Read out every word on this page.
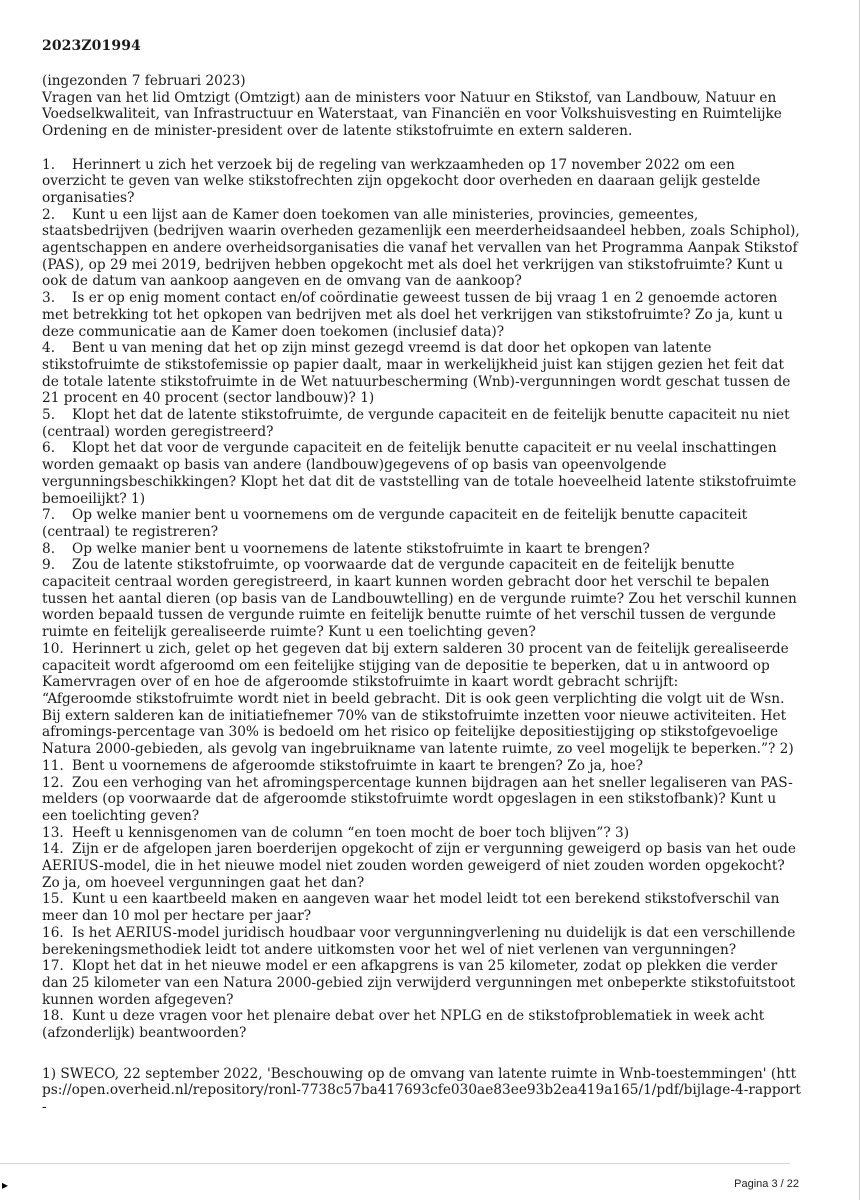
2023Z01994

(ingezonden 7 februari 2023)

Vragen van het lid Omtzigt (Omtzigt) aan de ministers voor Natuur en Stikstof, van Landbouw, Natuur en Voedselkwaliteit, van Infrastructuur en Waterstaat, van Financiën en voor Volkshuisvesting en Ruimtelijke Ordening en de minister-president over de latente stikstofruimte en extern salderen.

1. Herinnert u zich het verzoek bij de regeling van werkzaamheden op 17 november 2022 om een overzicht te geven van welke stikstofrechten zijn opgekocht door overheden en daaraan gelijk gestelde organisaties?

2. Kunt u een lijst aan de Kamer doen toekomen van alle ministeries, provincies, gemeentes, staatsbedrijven (bedrijven waarin overheden gezamenlijk een meerderheidsaandeel hebben, zoals Schiphol), agentschappen en andere overheidsorganisaties die vanaf het vervallen van het Programma Aanpak Stikstof (PAS), op 29 mei 2019, bedrijven hebben opgekocht met als doel het verkrijgen van stikstofruimte? Kunt u ook de datum van aankoop aangeven en de omvang van de aankoop?

3. Is er op enig moment contact en/of coördinatie geweest tussen de bij vraag 1 en 2 genoemde actoren met betrekking tot het opkopen van bedrijven met als doel het verkrijgen van stikstofruimte? Zo ja, kunt u deze communicatie aan de Kamer doen toekomen (inclusief data)?

4. Bent u van mening dat het op zijn minst gezegd vreemd is dat door het opkopen van latente stikstofruimte de stikstofemissie op papier daalt, maar in werkelijkheid juist kan stijgen gezien het feit dat de totale latente stikstofruimte in de Wet natuurbescherming (Wnb)-vergunningen wordt geschat tussen de 21 procent en 40 procent (sector landbouw)? 1)

5. Klopt het dat de latente stikstofruimte, de vergunde capaciteit en de feitelijk benutte capaciteit nu niet (centraal) worden geregistreerd?

6. Klopt het dat voor de vergunde capaciteit en de feitelijk benutte capaciteit er nu veelal inschattingen worden gemaakt op basis van andere (landbouw)gegevens of op basis van opeenvolgende vergunningsbeschikkingen? Klopt het dat dit de vaststelling van de totale hoeveelheid latente stikstofruimte bemoeilijkt? 1)

7. Op welke manier bent u voornemens om de vergunde capaciteit en de feitelijk benutte capaciteit (centraal) te registreren?

8. Op welke manier bent u voornemens de latente stikstofruimte in kaart te brengen?

9. Zou de latente stikstofruimte, op voorwaarde dat de vergunde capaciteit en de feitelijk benutte capaciteit centraal worden geregistreerd, in kaart kunnen worden gebracht door het verschil te bepalen tussen het aantal dieren (op basis van de Landbouwtelling) en de vergunde ruimte? Zou het verschil kunnen worden bepaald tussen de vergunde ruimte en feitelijk benutte ruimte of het verschil tussen de vergunde ruimte en feitelijk gerealiseerde ruimte? Kunt u een toelichting geven?

10. Herinnert u zich, gelet op het gegeven dat bij extern salderen 30 procent van de feitelijk gerealiseerde capaciteit wordt afgeroomd om een feitelijke stijging van de depositie te beperken, dat u in antwoord op Kamervragen over of en hoe de afgeroomde stikstofruimte in kaart wordt gebracht schrijft:

“Afgeroomde stikstofruimte wordt niet in beeld gebracht. Dit is ook geen verplichting die volgt uit de Wsn. Bij extern salderen kan de initiatiefnemer 70% van de stikstofruimte inzetten voor nieuwe activiteiten. Het afromings-percentage van 30% is bedoeld om het risico op feitelijke depositiestijging op stikstofgevoelige Natura 2000-gebieden, als gevolg van ingebruikname van latente ruimte, zo veel mogelijk te beperken.”? 2)

11. Bent u voornemens de afgeroomde stikstofruimte in kaart te brengen? Zo ja, hoe?

12. Zou een verhoging van het afromingspercentage kunnen bijdragen aan het sneller legaliseren van PAS-melders (op voorwaarde dat de afgeroomde stikstofruimte wordt opgeslagen in een stikstofbank)? Kunt u een toelichting geven?

13. Heeft u kennisgenomen van de column “en toen mocht de boer toch blijven”? 3)

14. Zijn er de afgelopen jaren boerderijen opgekocht of zijn er vergunning geweigerd op basis van het oude AERIUS-model, die in het nieuwe model niet zouden worden geweigerd of niet zouden worden opgekocht? Zo ja, om hoeveel vergunningen gaat het dan?

15. Kunt u een kaartbeeld maken en aangeven waar het model leidt tot een berekend stikstofverschil van meer dan 10 mol per hectare per jaar?

16. Is het AERIUS-model juridisch houdbaar voor vergunningverlening nu duidelijk is dat een verschillende berekeningsmethodiek leidt tot andere uitkomsten voor het wel of niet verlenen van vergunningen?

17. Klopt het dat in het nieuwe model er een afkapgrens is van 25 kilometer, zodat op plekken die verder dan 25 kilometer van een Natura 2000-gebied zijn verwijderd vergunningen met onbeperkte stikstofuitstoot kunnen worden afgegeven?

18. Kunt u deze vragen voor het plenaire debat over het NPLG en de stikstofproblematiek in week acht (afzonderlijk) beantwoorden?

1) SWECO, 22 september 2022, 'Beschouwing op de omvang van latente ruimte in Wnb-toestemmingen' (https://open.overheid.nl/repository/ronl-7738c57ba417693cfe030ae83ee93b2ea419a165/1/pdf/bijlage-4-rapport-

▸	Pagina 3 / 22
